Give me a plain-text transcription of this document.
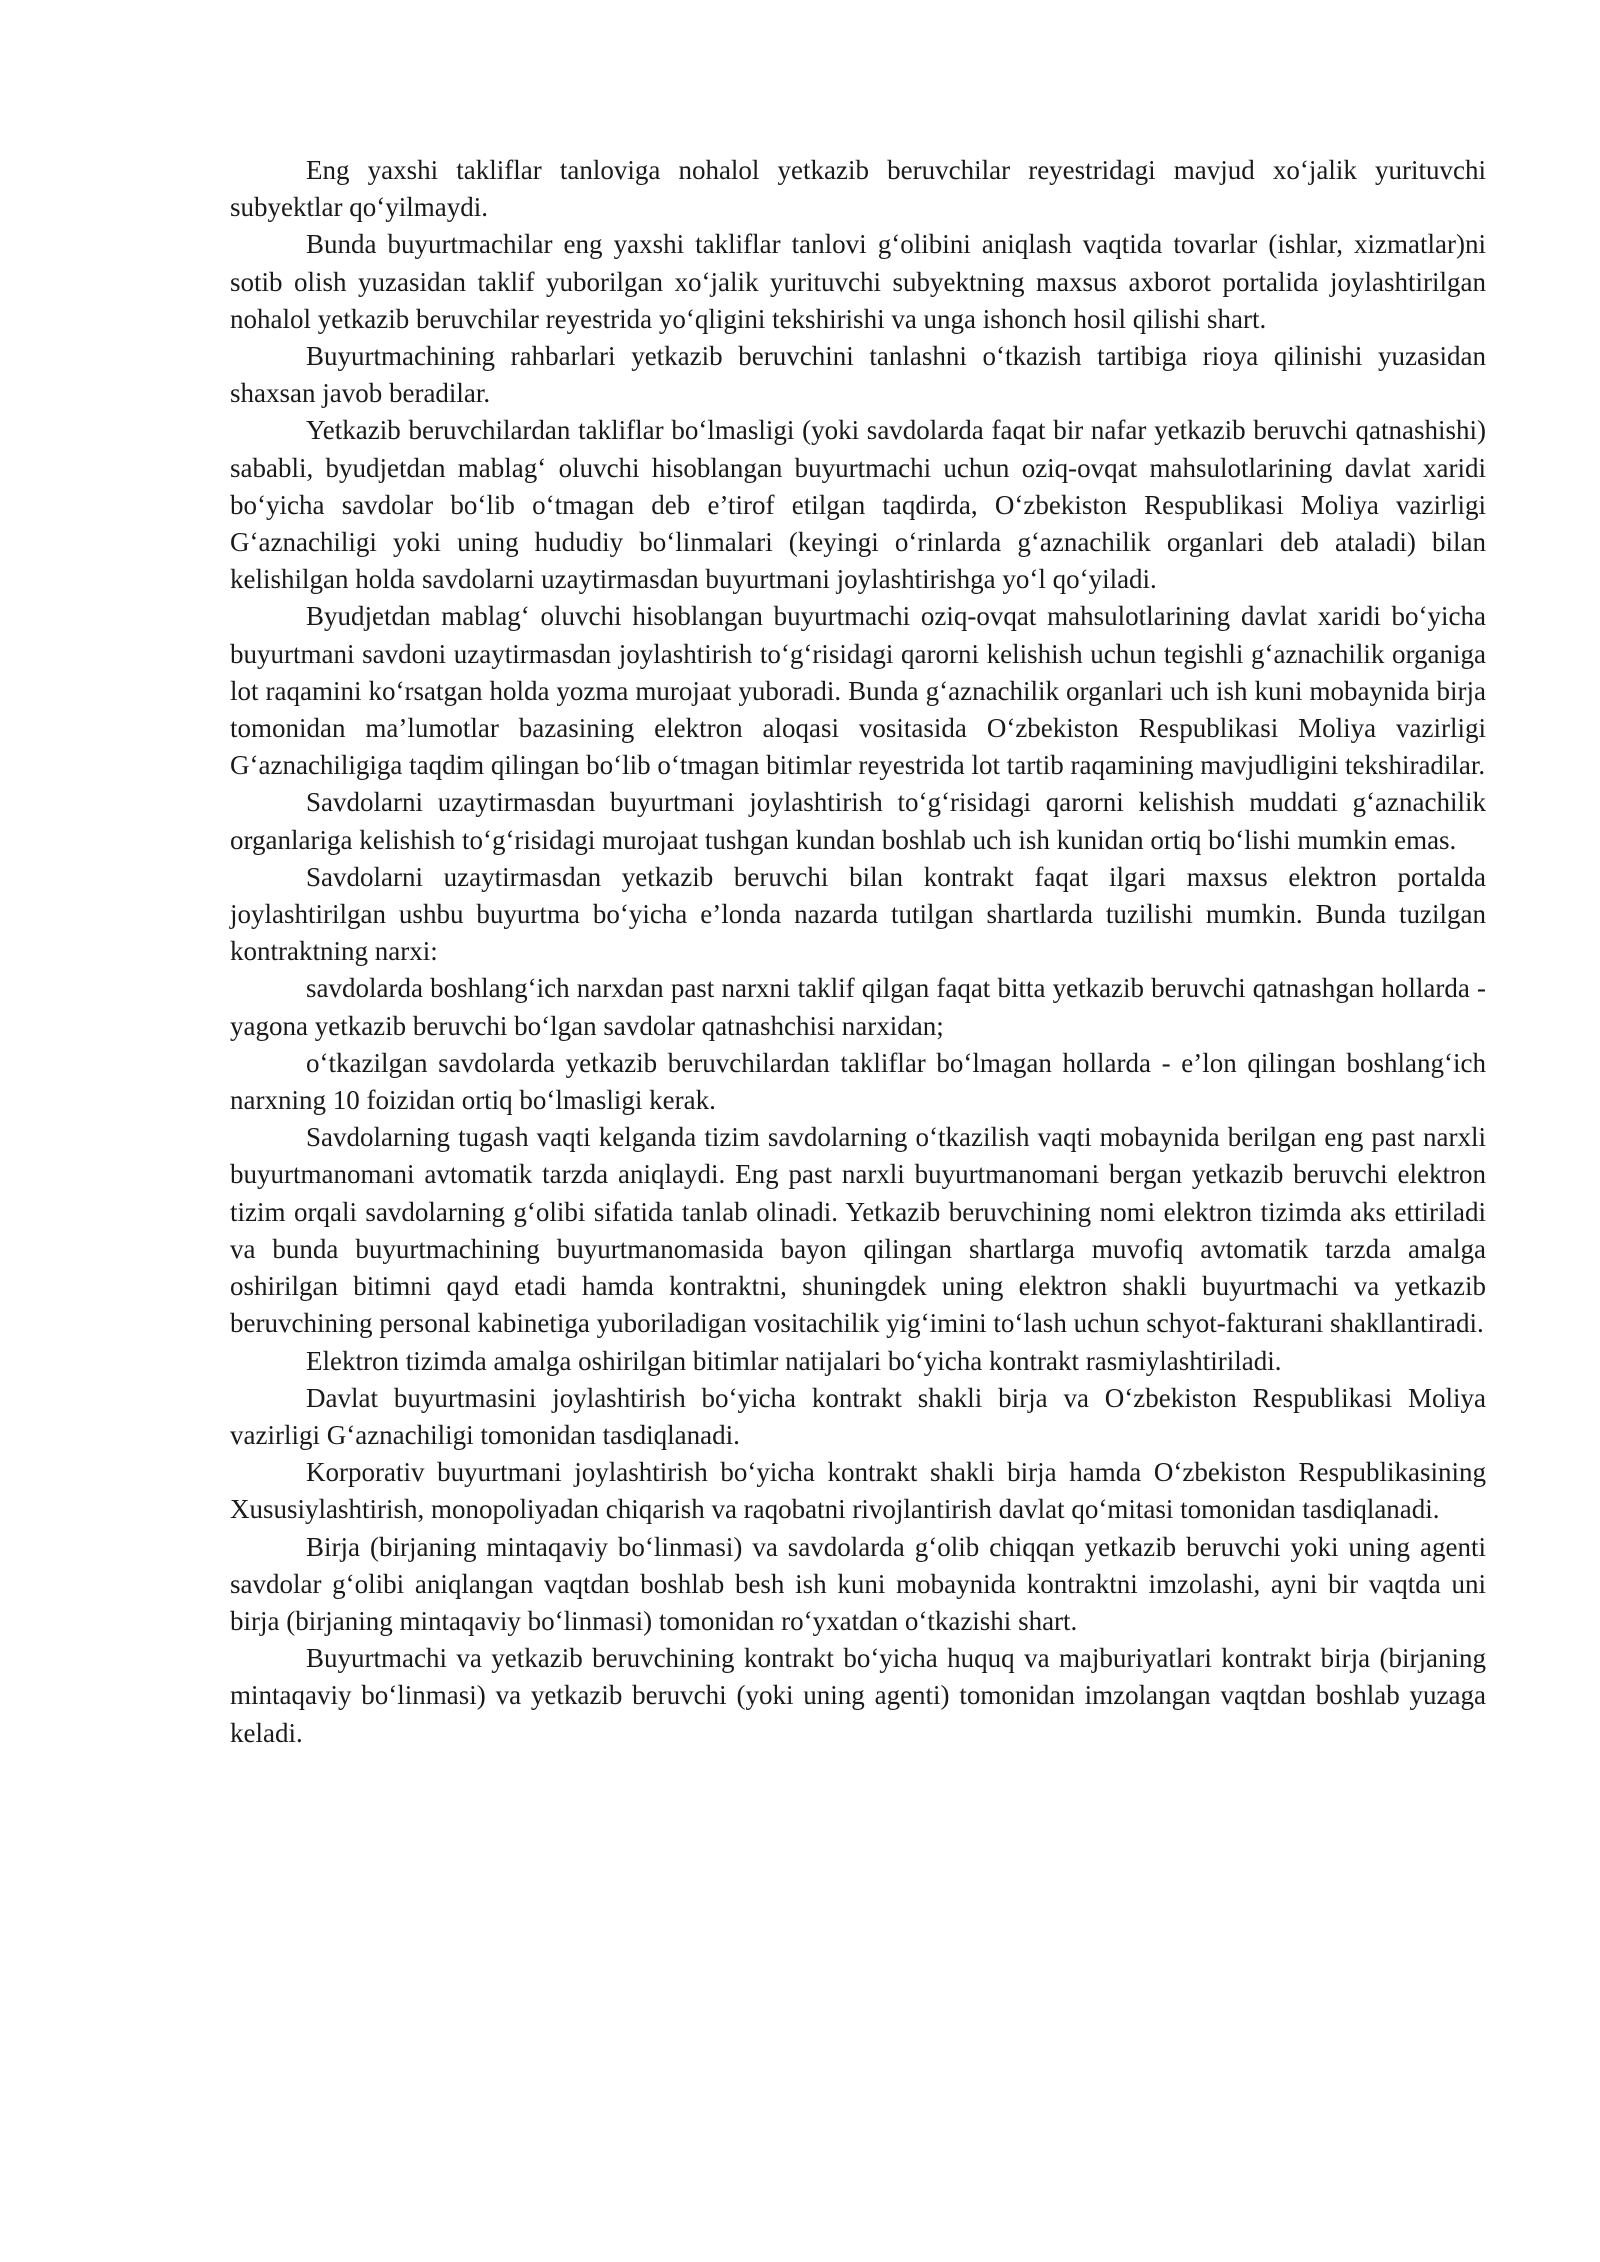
Eng yaxshi takliflar tanloviga nohalol yetkazib beruvchilar reyestridagi mavjud xo‘jalik yurituvchi subyektlar qo‘yilmaydi.

Bunda buyurtmachilar eng yaxshi takliflar tanlovi g‘olibini aniqlash vaqtida tovarlar (ishlar, xizmatlar)ni sotib olish yuzasidan taklif yuborilgan xo‘jalik yurituvchi subyektning maxsus axborot portalida joylashtirilgan nohalol yetkazib beruvchilar reyestrida yo‘qligini tekshirishi va unga ishonch hosil qilishi shart.

Buyurtmachining rahbarlari yetkazib beruvchini tanlashni o‘tkazish tartibiga rioya qilinishi yuzasidan shaxsan javob beradilar.

Yetkazib beruvchilardan takliflar bo‘lmasligi (yoki savdolarda faqat bir nafar yetkazib beruvchi qatnashishi) sababli, byudjetdan mablag‘ oluvchi hisoblangan buyurtmachi uchun oziq-ovqat mahsulotlarining davlat xaridi bo‘yicha savdolar bo‘lib o‘tmagan deb e’tirof etilgan taqdirda, O‘zbekiston Respublikasi Moliya vazirligi G‘aznachiligi yoki uning hududiy bo‘linmalari (keyingi o‘rinlarda g‘aznachilik organlari deb ataladi) bilan kelishilgan holda savdolarni uzaytirmasdan buyurtmani joylashtirishga yo‘l qo‘yiladi.

Byudjetdan mablag‘ oluvchi hisoblangan buyurtmachi oziq-ovqat mahsulotlarining davlat xaridi bo‘yicha buyurtmani savdoni uzaytirmasdan joylashtirish to‘g‘risidagi qarorni kelishish uchun tegishli g‘aznachilik organiga lot raqamini ko‘rsatgan holda yozma murojaat yuboradi. Bunda g‘aznachilik organlari uch ish kuni mobaynida birja tomonidan ma’lumotlar bazasining elektron aloqasi vositasida O‘zbekiston Respublikasi Moliya vazirligi G‘aznachiligiga taqdim qilingan bo‘lib o‘tmagan bitimlar reyestrida lot tartib raqamining mavjudligini tekshiradilar.

Savdolarni uzaytirmasdan buyurtmani joylashtirish to‘g‘risidagi qarorni kelishish muddati g‘aznachilik organlariga kelishish to‘g‘risidagi murojaat tushgan kundan boshlab uch ish kunidan ortiq bo‘lishi mumkin emas.

Savdolarni uzaytirmasdan yetkazib beruvchi bilan kontrakt faqat ilgari maxsus elektron portalda joylashtirilgan ushbu buyurtma bo‘yicha e’londa nazarda tutilgan shartlarda tuzilishi mumkin. Bunda tuzilgan kontraktning narxi:

savdolarda boshlang‘ich narxdan past narxni taklif qilgan faqat bitta yetkazib beruvchi qatnashgan hollarda - yagona yetkazib beruvchi bo‘lgan savdolar qatnashchisi narxidan;

o‘tkazilgan savdolarda yetkazib beruvchilardan takliflar bo‘lmagan hollarda - e’lon qilingan boshlang‘ich narxning 10 foizidan ortiq bo‘lmasligi kerak.

Savdolarning tugash vaqti kelganda tizim savdolarning o‘tkazilish vaqti mobaynida berilgan eng past narxli buyurtmanomani avtomatik tarzda aniqlaydi. Eng past narxli buyurtmanomani bergan yetkazib beruvchi elektron tizim orqali savdolarning g‘olibi sifatida tanlab olinadi. Yetkazib beruvchining nomi elektron tizimda aks ettiriladi va bunda buyurtmachining buyurtmanomasida bayon qilingan shartlarga muvofiq avtomatik tarzda amalga oshirilgan bitimni qayd etadi hamda kontraktni, shuningdek uning elektron shakli buyurtmachi va yetkazib beruvchining personal kabinetiga yuboriladigan vositachilik yig‘imini to‘lash uchun schyot-fakturani shakllantiradi.

Elektron tizimda amalga oshirilgan bitimlar natijalari bo‘yicha kontrakt rasmiylashtiriladi.

Davlat buyurtmasini joylashtirish bo‘yicha kontrakt shakli birja va O‘zbekiston Respublikasi Moliya vazirligi G‘aznachiligi tomonidan tasdiqlanadi.

Korporativ buyurtmani joylashtirish bo‘yicha kontrakt shakli birja hamda O‘zbekiston Respublikasining Xususiylashtirish, monopoliyadan chiqarish va raqobatni rivojlantirish davlat qo‘mitasi tomonidan tasdiqlanadi.

Birja (birjaning mintaqaviy bo‘linmasi) va savdolarda g‘olib chiqqan yetkazib beruvchi yoki uning agenti savdolar g‘olibi aniqlangan vaqtdan boshlab besh ish kuni mobaynida kontraktni imzolashi, ayni bir vaqtda uni birja (birjaning mintaqaviy bo‘linmasi) tomonidan ro‘yxatdan o‘tkazishi shart.

Buyurtmachi va yetkazib beruvchining kontrakt bo‘yicha huquq va majburiyatlari kontrakt birja (birjaning mintaqaviy bo‘linmasi) va yetkazib beruvchi (yoki uning agenti) tomonidan imzolangan vaqtdan boshlab yuzaga keladi.
